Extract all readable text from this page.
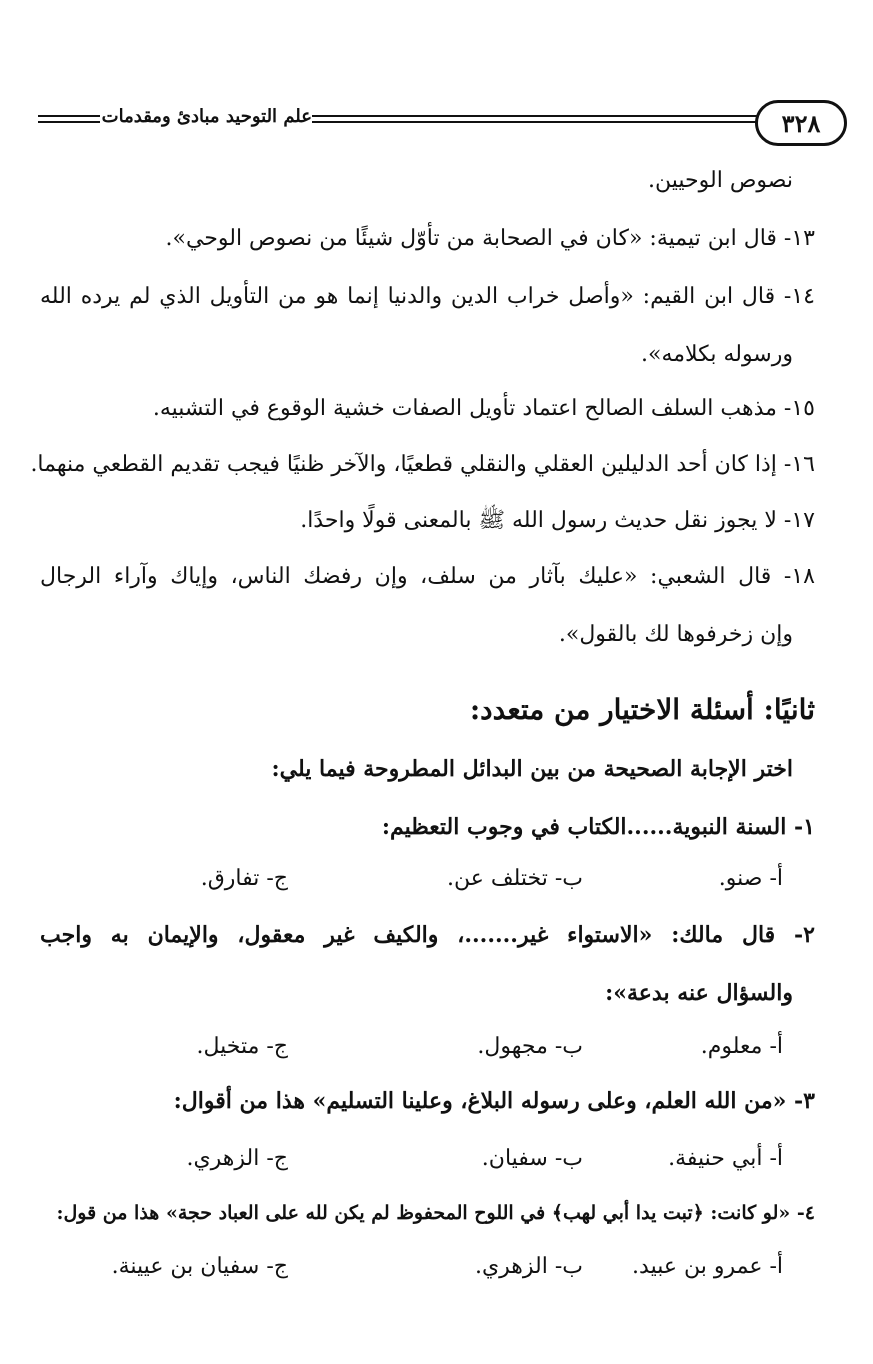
٣٢٨
علم التوحيد مبادئ ومقدمات
نصوص الوحيين.
١٣- قال ابن تيمية: «كان في الصحابة من تأوّل شيئًا من نصوص الوحي».
١٤- قال ابن القيم: «وأصل خراب الدين والدنيا إنما هو من التأويل الذي لم يرده الله
ورسوله بكلامه».
١٥- مذهب السلف الصالح اعتماد تأويل الصفات خشية الوقوع في التشبيه.
١٦- إذا كان أحد الدليلين العقلي والنقلي قطعيًا، والآخر ظنيًا فيجب تقديم القطعي منهما.
١٧- لا يجوز نقل حديث رسول الله ﷺ بالمعنى قولًا واحدًا.
١٨- قال الشعبي: «عليك بآثار من سلف، وإن رفضك الناس، وإياك وآراء الرجال
وإن زخرفوها لك بالقول».
ثانيًا: أسئلة الاختيار من متعدد:
اختر الإجابة الصحيحة من بين البدائل المطروحة فيما يلي:
١- السنة النبوية......الكتاب في وجوب التعظيم:
أ- صنو.
ب- تختلف عن.
ج- تفارق.
٢- قال مالك: «الاستواء غير.......، والكيف غير معقول، والإيمان به واجب
والسؤال عنه بدعة»:
أ- معلوم.
ب- مجهول.
ج- متخيل.
٣- «من الله العلم، وعلى رسوله البلاغ، وعلينا التسليم» هذا من أقوال:
أ- أبي حنيفة.
ب- سفيان.
ج- الزهري.
٤- «لو كانت: ﴿تبت يدا أبي لهب﴾ في اللوح المحفوظ لم يكن لله على العباد حجة» هذا من قول:
أ- عمرو بن عبيد.
ب- الزهري.
ج- سفيان بن عيينة.
